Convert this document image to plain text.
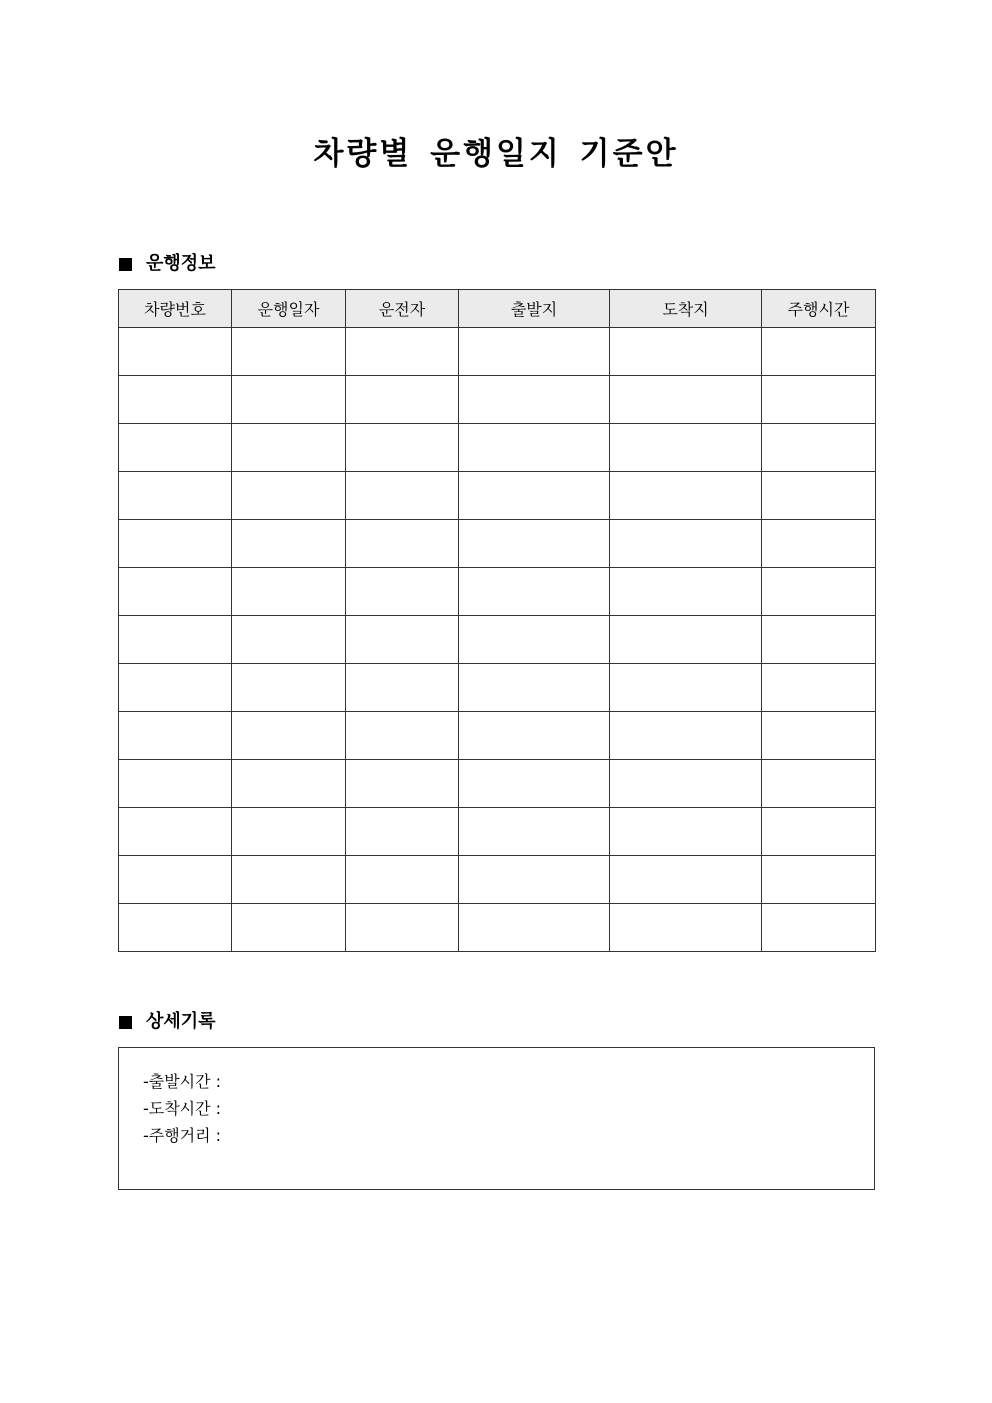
차량별 운행일지 기준안
운행정보
차량번호	운행일자	운전자	출발지	도착지	주행시간

상세기록
-출발시간 :
-도착시간 :
-주행거리 :
